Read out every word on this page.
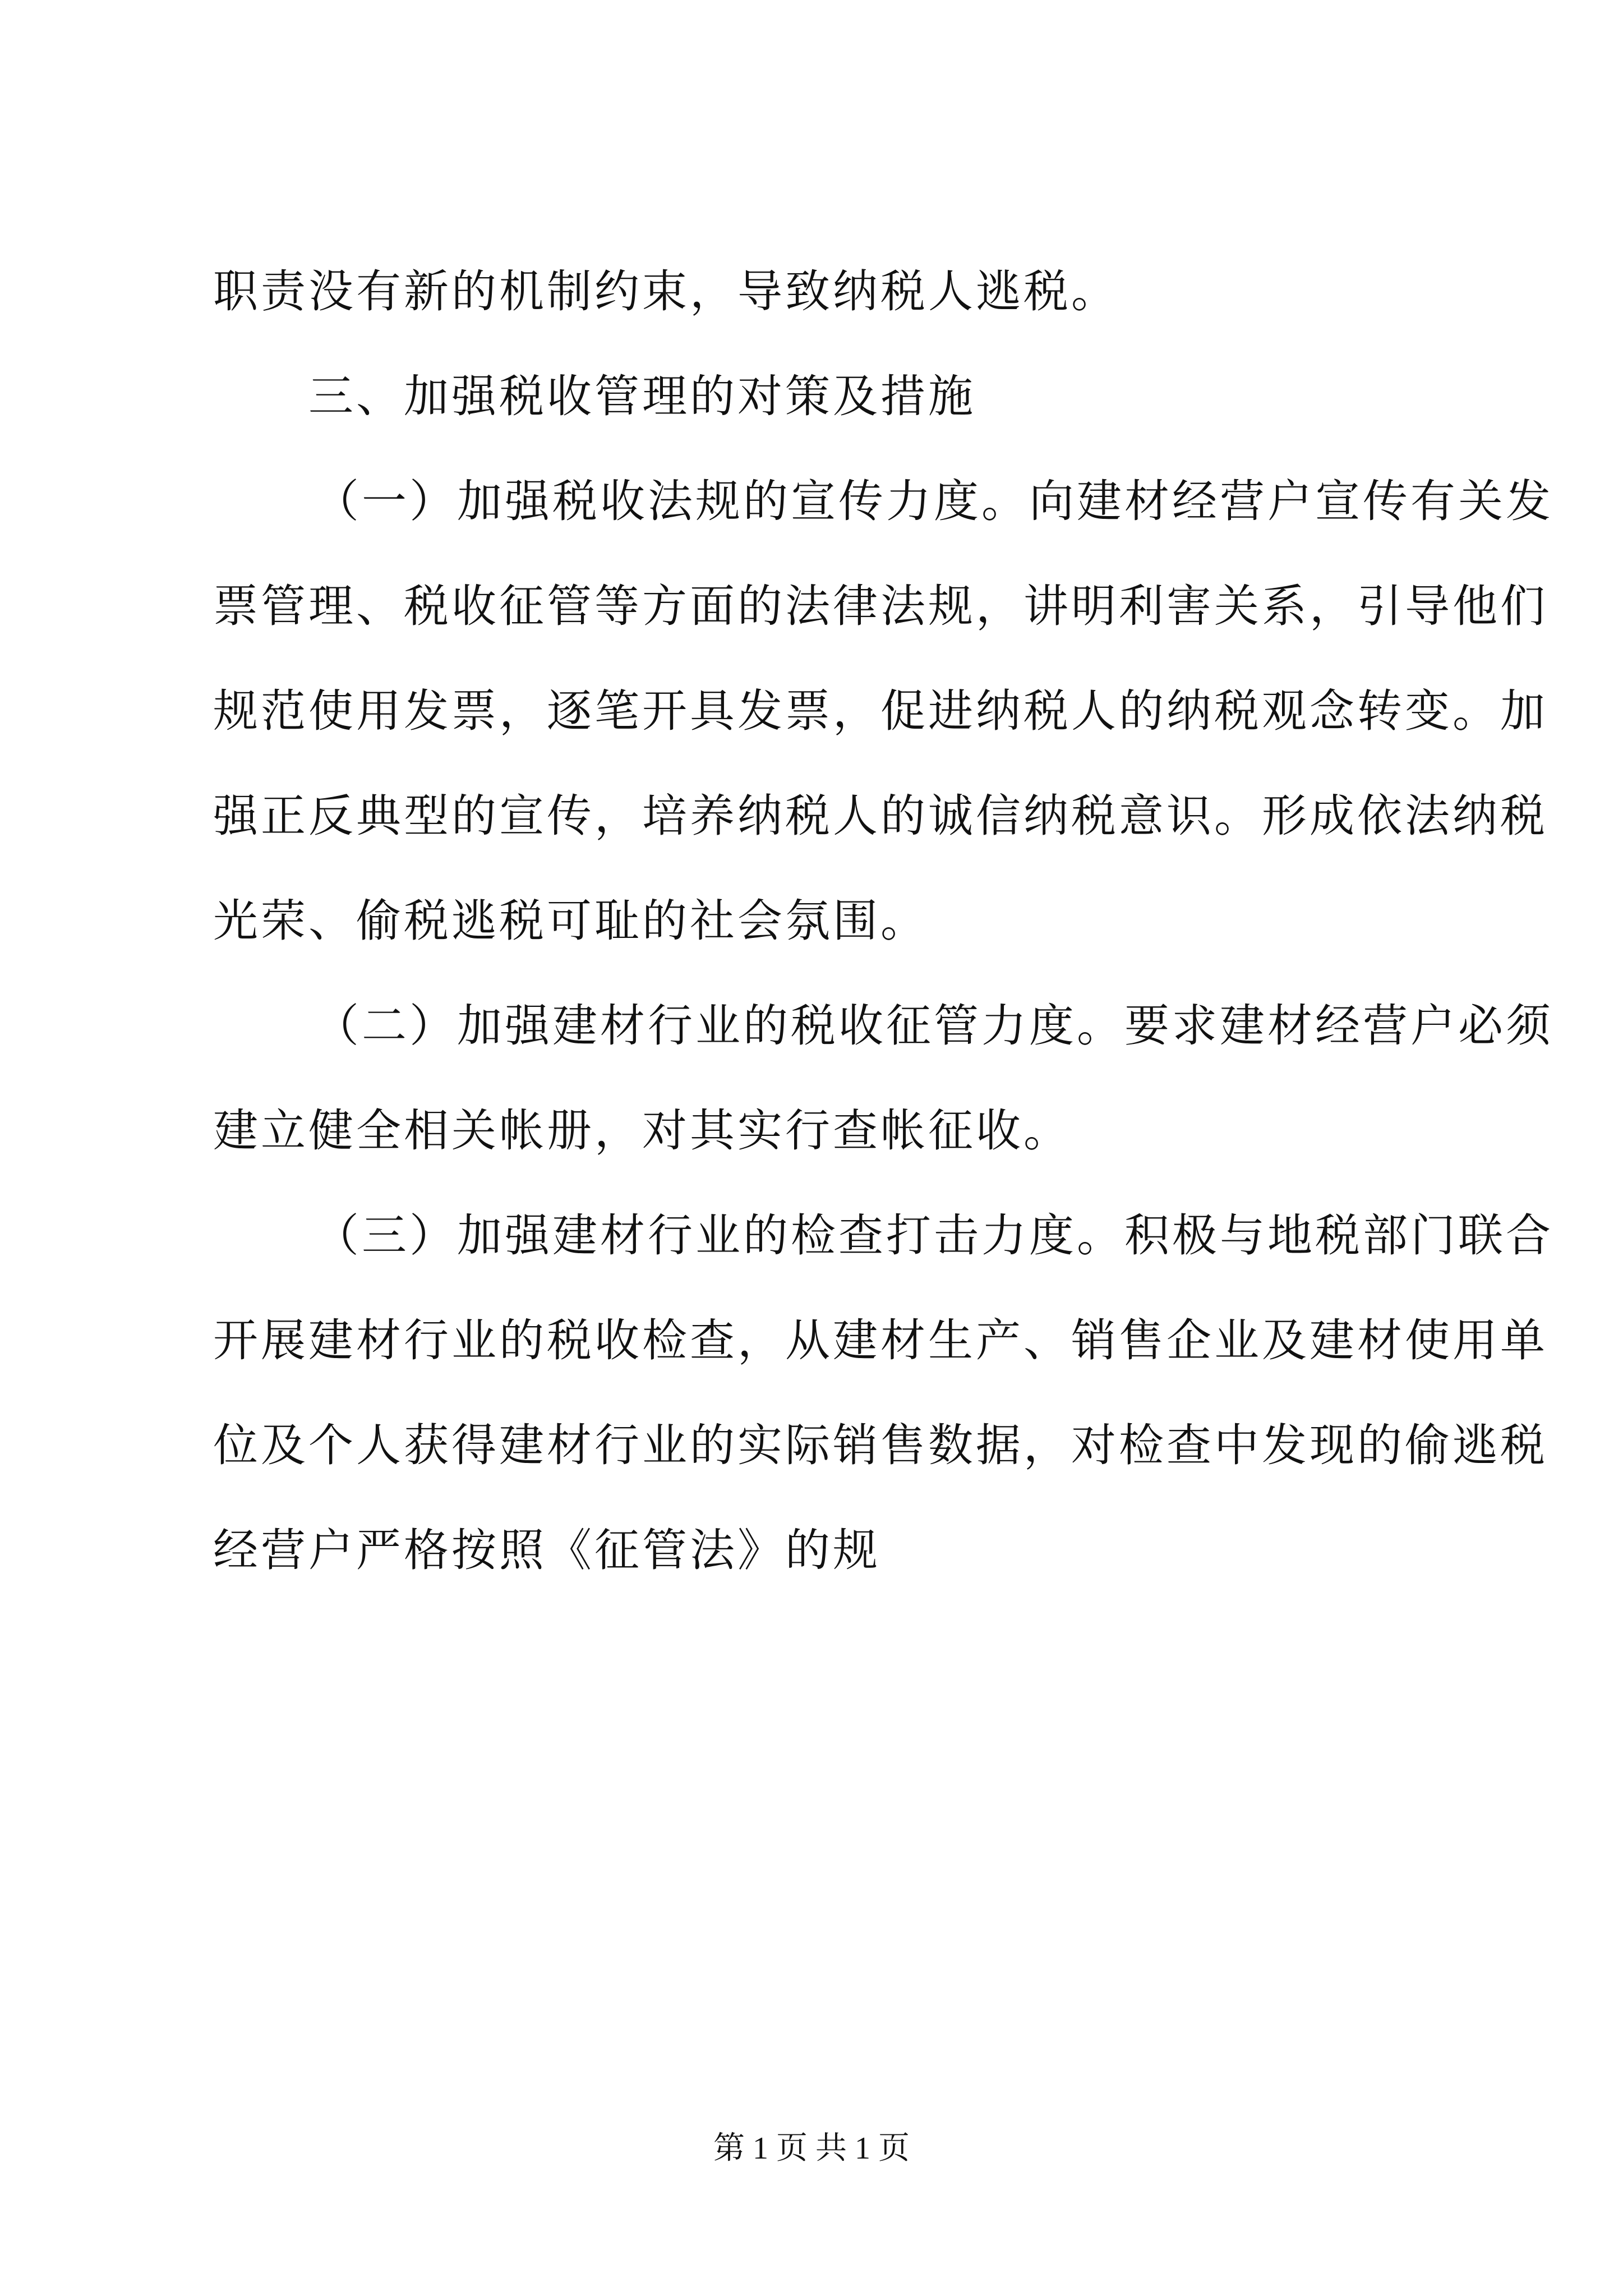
职责没有新的机制约束，导致纳税人逃税。
三、加强税收管理的对策及措施
（一）加强税收法规的宣传力度。向建材经营户宣传有关发
票管理、税收征管等方面的法律法规，讲明利害关系，引导他们
规范使用发票，逐笔开具发票，促进纳税人的纳税观念转变。加
强正反典型的宣传，培养纳税人的诚信纳税意识。形成依法纳税
光荣、偷税逃税可耻的社会氛围。
（二）加强建材行业的税收征管力度。要求建材经营户必须
建立健全相关帐册，对其实行查帐征收。
（三）加强建材行业的检查打击力度。积极与地税部门联合
开展建材行业的税收检查，从建材生产、销售企业及建材使用单
位及个人获得建材行业的实际销售数据，对检查中发现的偷逃税
经营户严格按照《征管法》的规
第 1 页 共 1 页
